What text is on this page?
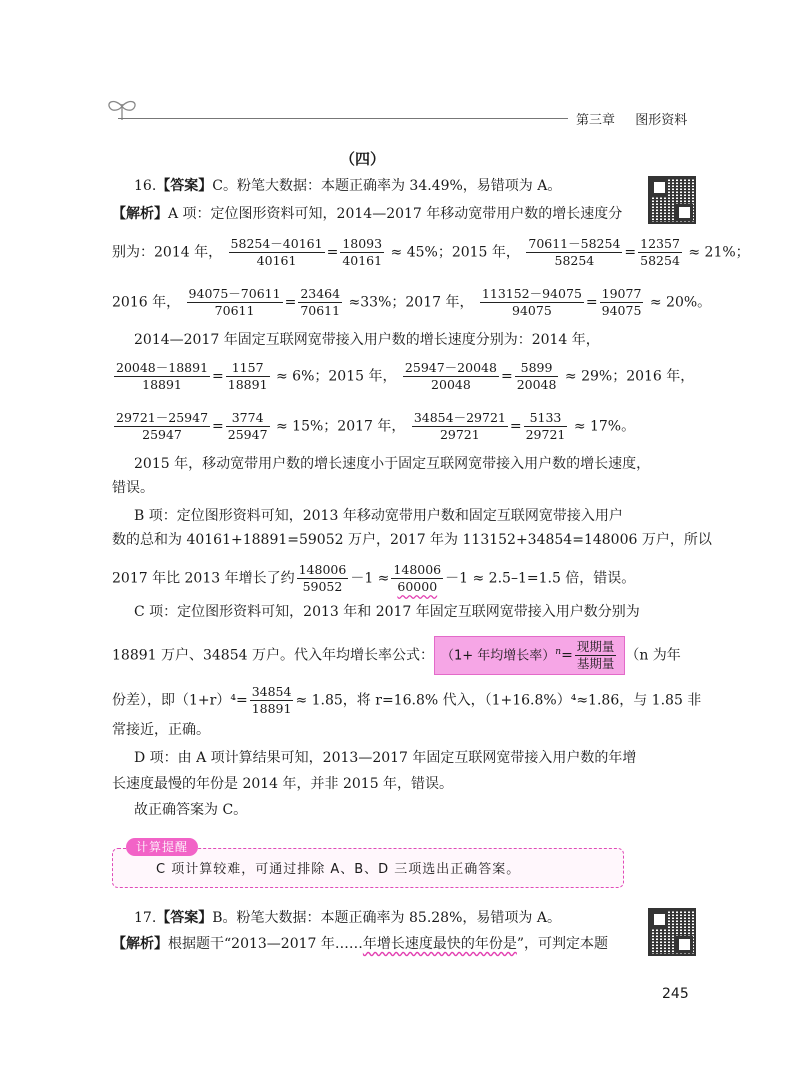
第三章 图形资料
（四）
16.【答案】C。粉笔大数据：本题正确率为 34.49%，易错项为 A。
【解析】A 项：定位图形资料可知，2014—2017 年移动宽带用户数的增长速度分
别为：2014 年， $\frac{58254-40161}{40161} = \frac{18093}{40161} \approx 45\%$；2015 年， $\frac{70611-58254}{58254} = \frac{12357}{58254} \approx 21\%$；
2016 年， $\frac{94075-70611}{70611} = \frac{23464}{70611} \approx 33\%$；2017 年， $\frac{113152-94075}{94075} = \frac{19077}{94075} \approx 20\%$。
2014—2017 年固定互联网宽带接入用户数的增长速度分别为：2014 年，
$\frac{20048-18891}{18891} = \frac{1157}{18891} \approx 6\%$；2015 年， $\frac{25947-20048}{20048} = \frac{5899}{20048} \approx 29\%$；2016 年，
$\frac{29721-25947}{25947} = \frac{3774}{25947} \approx 15\%$；2017 年， $\frac{34854-29721}{29721} = \frac{5133}{29721} \approx 17\%$。
2015 年，移动宽带用户数的增长速度小于固定互联网宽带接入用户数的增长速度，
错误。
B 项：定位图形资料可知，2013 年移动宽带用户数和固定互联网宽带接入用户
数的总和为 40161+18891=59052 万户，2017 年为 113152+34854=148006 万户，所以
2017 年比 2013 年增长了约 $\frac{148006}{59052} -1 \approx \frac{148006}{60000} -1 \approx 2.5-1=1.5$ 倍，错误。
C 项：定位图形资料可知，2013 年和 2017 年固定互联网宽带接入用户数分别为
18891 万户、34854 万户。代入年均增长率公式： （1+ 年均增长率）$^n= \frac{\text{现期量}}{\text{基期量}} (n$ 为年
份差），即$(1+r)^4= \frac{34854}{18891} \approx 1.85$，将 r=16.8% 代入，（1+16.8%）⁴≈1.86，与 1.85 非
常接近，正确。
D 项：由 A 项计算结果可知，2013—2017 年固定互联网宽带接入用户数的年增
长速度最慢的年份是 2014 年，并非 2015 年，错误。
故正确答案为 C。
计算提醒
C 项计算较难，可通过排除 A、B、D 三项选出正确答案。
17.【答案】B。粉笔大数据：本题正确率为 85.28%，易错项为 A。
【解析】根据题干“2013—2017 年……年增长速度最快的年份是”，可判定本题
245
